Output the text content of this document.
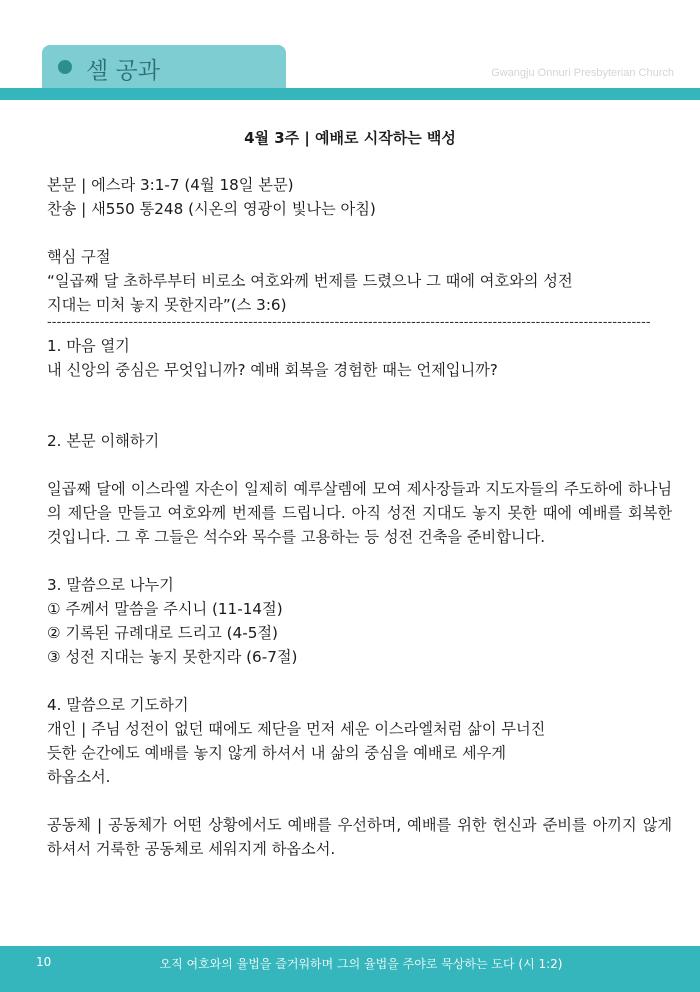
셀 공과	Gwangju Onnuri Presbyterian Church
4월 3주 | 예배로 시작하는 백성

본문 | 에스라 3:1-7 (4월 18일 본문)

찬송 | 새550 통248 (시온의 영광이 빛나는 아침)

핵심 구절

“일곱째 달 초하루부터 비로소 여호와께 번제를 드렸으나 그 때에 여호와의 성전

지대는 미처 놓지 못한지라”(스 3:6)

------------------------------------------------------------------------------------------------------------------------------

1. 마음 열기

내 신앙의 중심은 무엇입니까? 예배 회복을 경험한 때는 언제입니까?

2. 본문 이해하기

일곱째 달에 이스라엘 자손이 일제히 예루살렘에 모여 제사장들과 지도자들의 주도하에 하나님의 제단을 만들고 여호와께 번제를 드립니다. 아직 성전 지대도 놓지 못한 때에 예배를 회복한 것입니다. 그 후 그들은 석수와 목수를 고용하는 등 성전 건축을 준비합니다.

3. 말씀으로 나누기

① 주께서 말씀을 주시니 (11-14절)

② 기록된 규례대로 드리고 (4-5절)

③ 성전 지대는 놓지 못한지라 (6-7절)

4. 말씀으로 기도하기

개인 | 주님 성전이 없던 때에도 제단을 먼저 세운 이스라엘처럼 삶이 무너진

듯한 순간에도 예배를 놓지 않게 하셔서 내 삶의 중심을 예배로 세우게

하옵소서.

공동체 | 공동체가 어떤 상황에서도 예배를 우선하며, 예배를 위한 헌신과 준비를 아끼지 않게 하셔서 거룩한 공동체로 세워지게 하옵소서.

10	오직 여호와의 율법을 즐거워하며 그의 율법을 주야로 묵상하는 도다 (시 1:2)
